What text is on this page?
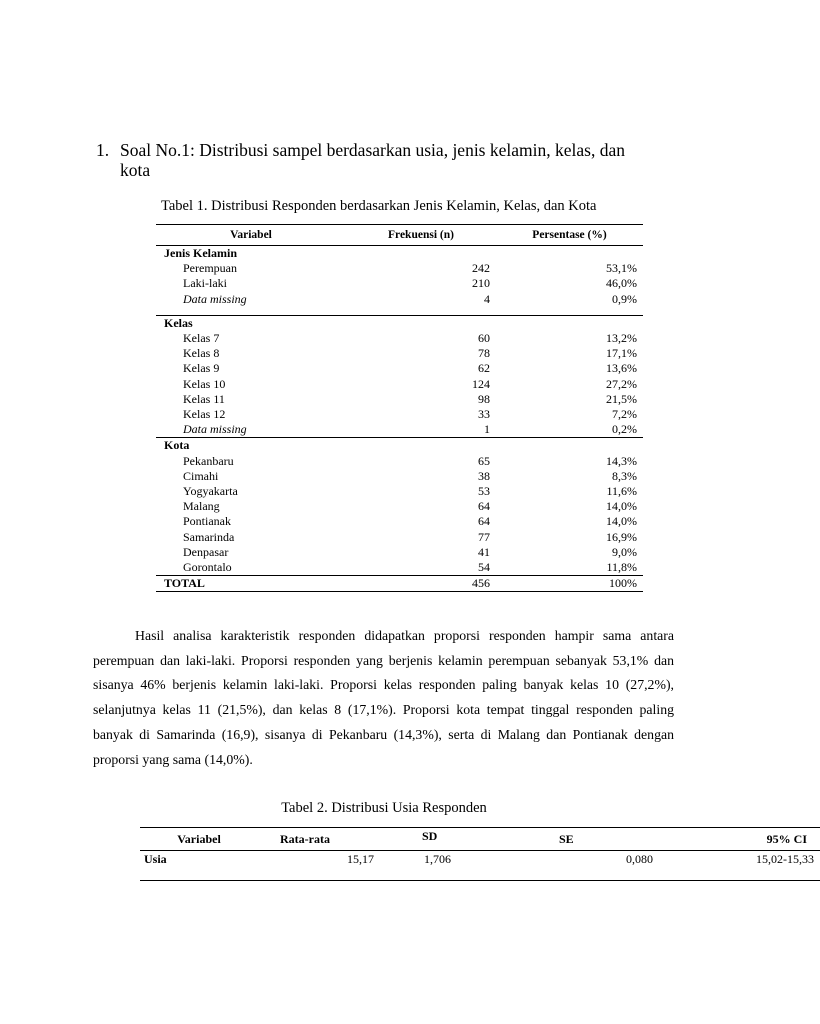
1. Soal No.1: Distribusi sampel berdasarkan usia, jenis kelamin, kelas, dan kota
Tabel 1. Distribusi Responden berdasarkan Jenis Kelamin, Kelas, dan Kota
Variabel	Frekuensi (n)	Persentase (%)
Jenis Kelamin		
Perempuan	242	53,1%
Laki-laki	210	46,0%
Data missing	4	0,9%

Kelas		
Kelas 7	60	13,2%
Kelas 8	78	17,1%
Kelas 9	62	13,6%
Kelas 10	124	27,2%
Kelas 11	98	21,5%
Kelas 12	33	7,2%
Data missing	1	0,2%
Kota		
Pekanbaru	65	14,3%
Cimahi	38	8,3%
Yogyakarta	53	11,6%
Malang	64	14,0%
Pontianak	64	14,0%
Samarinda	77	16,9%
Denpasar	41	9,0%
Gorontalo	54	11,8%
TOTAL	456	100%
Hasil analisa karakteristik responden didapatkan proporsi responden hampir sama antara perempuan dan laki-laki. Proporsi responden yang berjenis kelamin perempuan sebanyak 53,1% dan sisanya 46% berjenis kelamin laki-laki. Proporsi kelas responden paling banyak kelas 10 (27,2%), selanjutnya kelas 11 (21,5%), dan kelas 8 (17,1%). Proporsi kota tempat tinggal responden paling banyak di Samarinda (16,9), sisanya di Pekanbaru (14,3%), serta di Malang dan Pontianak dengan proporsi yang sama (14,0%).
Tabel 2. Distribusi Usia Responden
Variabel	Rata-rata	SD	SE	95% CI
Usia	15,17	1,706	0,080	15,02-15,33
